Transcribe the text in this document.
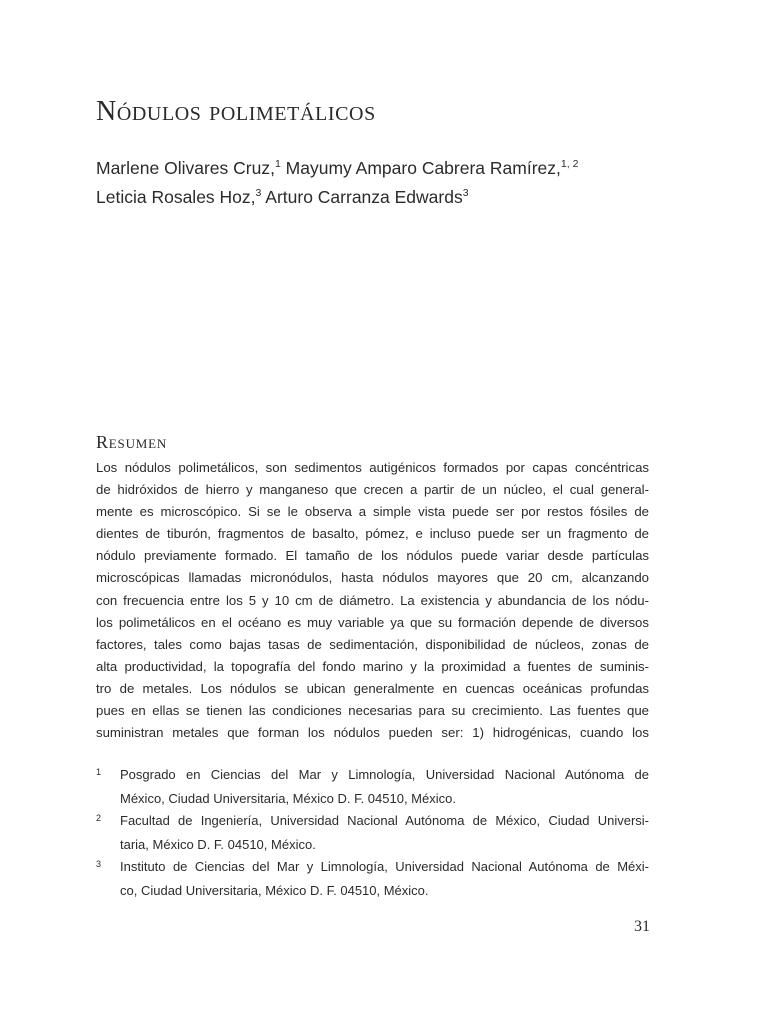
Nódulos polimetálicos
Marlene Olivares Cruz,$^1$ Mayumy Amparo Cabrera Ramírez,$^{1, 2}$
Leticia Rosales Hoz,$^3$ Arturo Carranza Edwards$^3$
Resumen
Los nódulos polimetálicos, son sedimentos autigénicos formados por capas concéntricas
de hidróxidos de hierro y manganeso que crecen a partir de un núcleo, el cual general-
mente es microscópico. Si se le observa a simple vista puede ser por restos fósiles de
dientes de tiburón, fragmentos de basalto, pómez, e incluso puede ser un fragmento de
nódulo previamente formado. El tamaño de los nódulos puede variar desde partículas
microscópicas llamadas micronódulos, hasta nódulos mayores que 20 cm, alcanzando
con frecuencia entre los 5 y 10 cm de diámetro. La existencia y abundancia de los nódu-
los polimetálicos en el océano es muy variable ya que su formación depende de diversos
factores, tales como bajas tasas de sedimentación, disponibilidad de núcleos, zonas de
alta productividad, la topografía del fondo marino y la proximidad a fuentes de suminis-
tro de metales. Los nódulos se ubican generalmente en cuencas oceánicas profundas
pues en ellas se tienen las condiciones necesarias para su crecimiento. Las fuentes que
suministran metales que forman los nódulos pueden ser: 1) hidrogénicas, cuando los
1 Posgrado en Ciencias del Mar y Limnología, Universidad Nacional Autónoma de
México, Ciudad Universitaria, México D. F. 04510, México.
2 Facultad de Ingeniería, Universidad Nacional Autónoma de México, Ciudad Universi-
taria, México D. F. 04510, México.
3 Instituto de Ciencias del Mar y Limnología, Universidad Nacional Autónoma de Méxi-
co, Ciudad Universitaria, México D. F. 04510, México.
31
